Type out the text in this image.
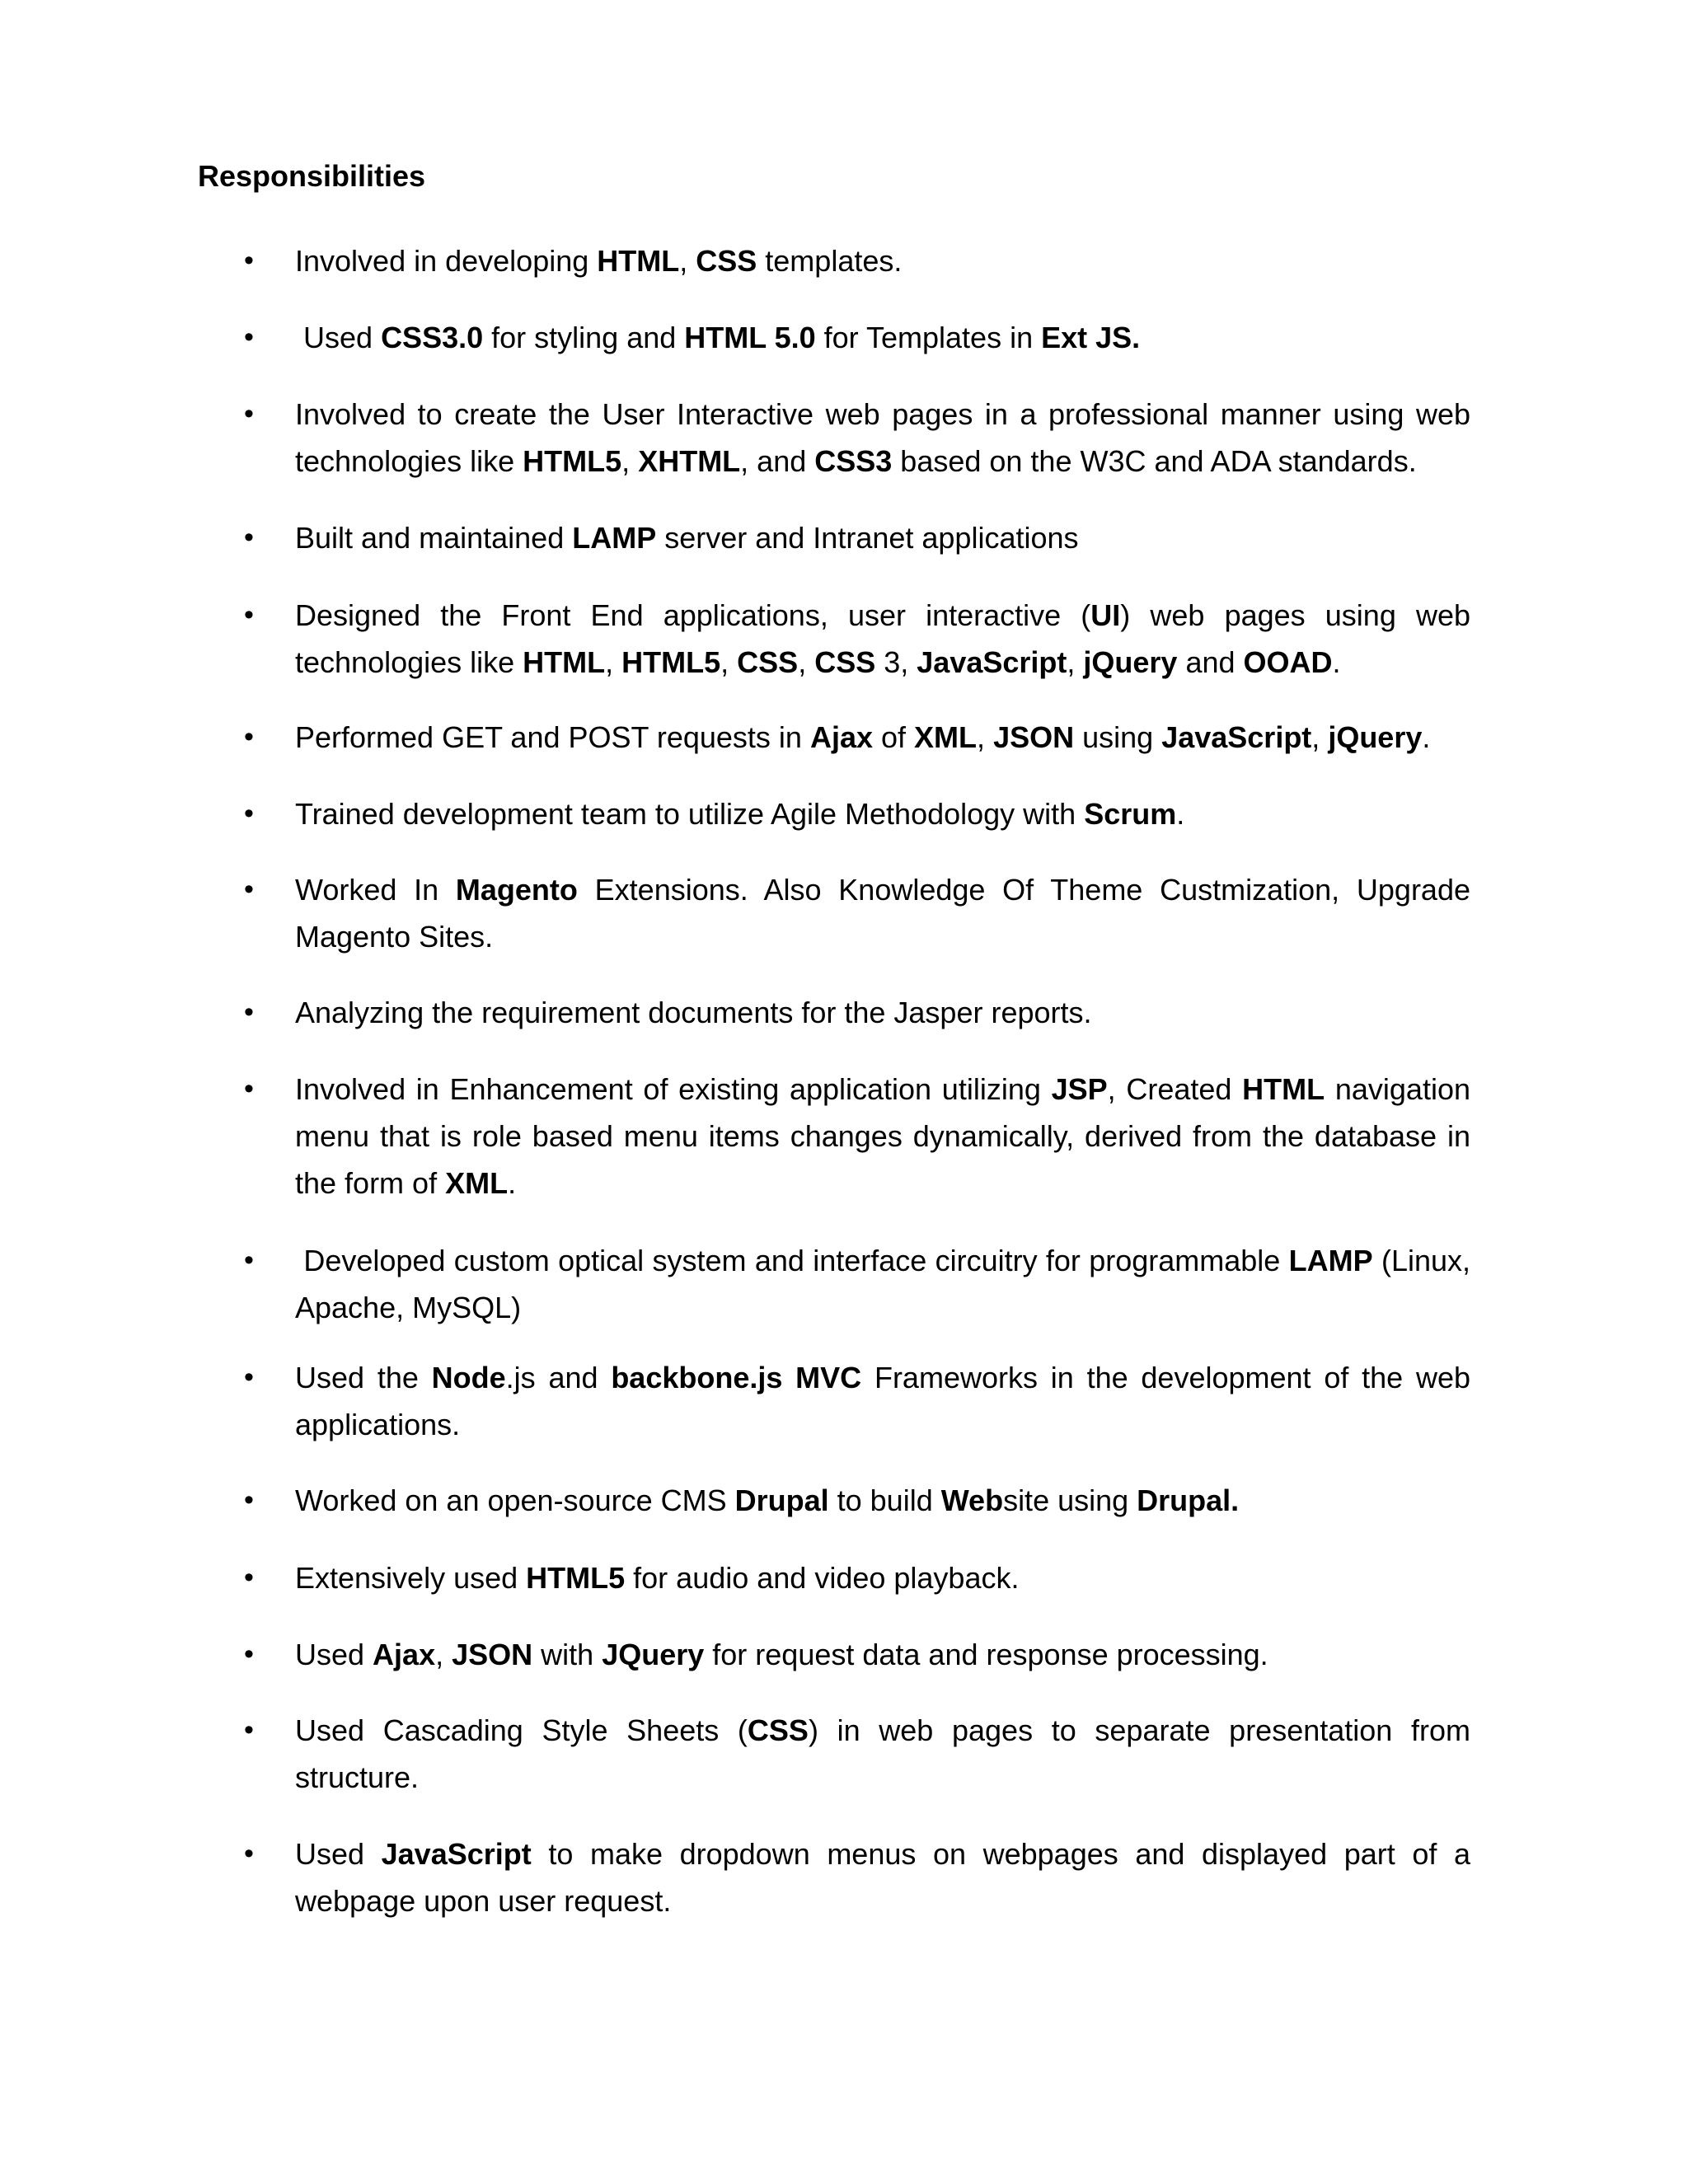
Responsibilities
• Involved in developing HTML, CSS templates.
• Used CSS3.0 for styling and HTML 5.0 for Templates in Ext JS.
• Involved to create the User Interactive web pages in a professional manner using web technologies like HTML5, XHTML, and CSS3 based on the W3C and ADA standards.
• Built and maintained LAMP server and Intranet applications
• Designed the Front End applications, user interactive (UI) web pages using web technologies like HTML, HTML5, CSS, CSS 3, JavaScript, jQuery and OOAD.
• Performed GET and POST requests in Ajax of XML, JSON using JavaScript, jQuery.
• Trained development team to utilize Agile Methodology with Scrum.
• Worked In Magento Extensions. Also Knowledge Of Theme Custmization, Upgrade Magento Sites.
• Analyzing the requirement documents for the Jasper reports.
• Involved in Enhancement of existing application utilizing JSP, Created HTML navigation menu that is role based menu items changes dynamically, derived from the database in the form of XML.
• Developed custom optical system and interface circuitry for programmable LAMP (Linux, Apache, MySQL)
• Used the Node.js and backbone.js MVC Frameworks in the development of the web applications.
• Worked on an open-source CMS Drupal to build Website using Drupal.
• Extensively used HTML5 for audio and video playback.
• Used Ajax, JSON with JQuery for request data and response processing.
• Used Cascading Style Sheets (CSS) in web pages to separate presentation from structure.
• Used JavaScript to make dropdown menus on webpages and displayed part of a webpage upon user request.
